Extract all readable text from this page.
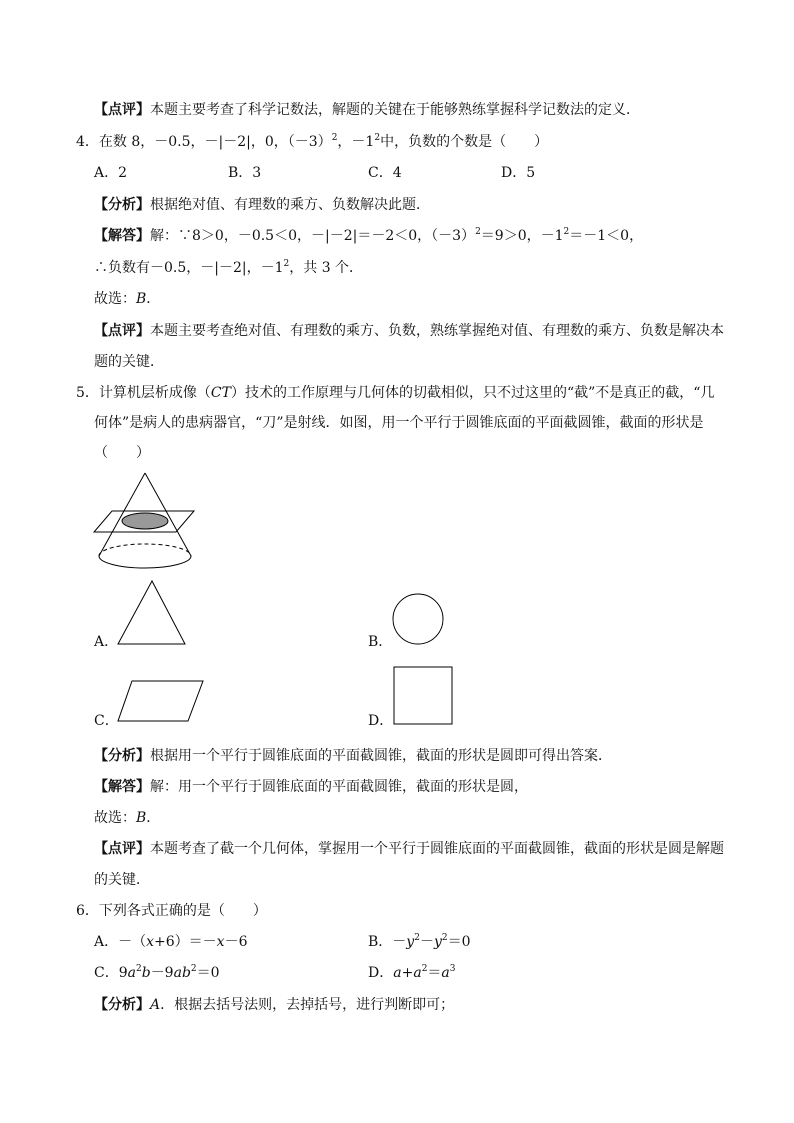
【点评】本题主要考查了科学记数法，解题的关键在于能够熟练掌握科学记数法的定义．
4．在数 8，－0.5，－|－2|，0，$(-3)^2$，$-1^2$中，负数的个数是（　　）
A．2	B．3	C．4	D．5
【分析】根据绝对值、有理数的乘方、负数解决此题．
【解答】解：∵8＞0，－0.5＜0，－|－2|＝－2＜0，$(-3)^2=9>0$，$-1^2=-1<0$，
∴负数有－0.5，－|－2|，$-1^2$，共 3 个．
故选：B．
【点评】本题主要考查绝对值、有理数的乘方、负数，熟练掌握绝对值、有理数的乘方、负数是解决本
题的关键．
5．计算机层析成像（CT）技术的工作原理与几何体的切截相似，只不过这里的“截”不是真正的截，“几
何体”是病人的患病器官，“刀”是射线．如图，用一个平行于圆锥底面的平面截圆锥，截面的形状是
（　　）
A．	B．
C．	D．
【分析】根据用一个平行于圆锥底面的平面截圆锥，截面的形状是圆即可得出答案．
【解答】解：用一个平行于圆锥底面的平面截圆锥，截面的形状是圆，
故选：B．
【点评】本题考查了截一个几何体，掌握用一个平行于圆锥底面的平面截圆锥，截面的形状是圆是解题
的关键．
6．下列各式正确的是（　　）
A．－（x+6）＝－x－6	B．$-y^2-y^2=0$
C．$9a^2b-9ab^2=0$	D．$a+a^2=a^3$
【分析】A．根据去括号法则，去掉括号，进行判断即可；
